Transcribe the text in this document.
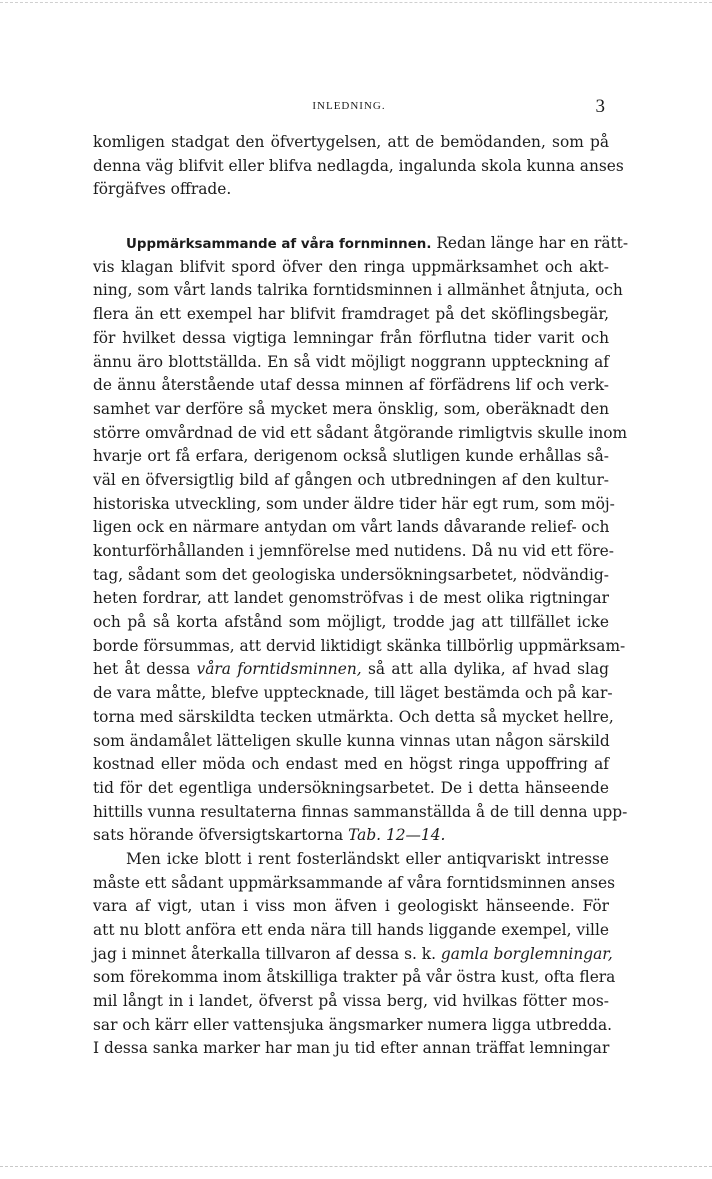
INLEDNING.	3
komligen stadgat den öfvertygelsen, att de bemödanden, som på
denna väg blifvit eller blifva nedlagda, ingalunda skola kunna anses
förgäfves offrade.
Uppmärksammande af våra fornminnen. Redan länge har en rätt-
vis klagan blifvit spord öfver den ringa uppmärksamhet och akt-
ning, som vårt lands talrika forntidsminnen i allmänhet åtnjuta, och
flera än ett exempel har blifvit framdraget på det sköflingsbegär,
för hvilket dessa vigtiga lemningar från förflutna tider varit och
ännu äro blottställda. En så vidt möjligt noggrann uppteckning af
de ännu återstående utaf dessa minnen af förfädrens lif och verk-
samhet var derföre så mycket mera önsklig, som, oberäknadt den
större omvårdnad de vid ett sådant åtgörande rimligtvis skulle inom
hvarje ort få erfara, derigenom också slutligen kunde erhållas så-
väl en öfversigtlig bild af gången och utbredningen af den kultur-
historiska utveckling, som under äldre tider här egt rum, som möj-
ligen ock en närmare antydan om vårt lands dåvarande relief- och
konturförhållanden i jemnförelse med nutidens. Då nu vid ett före-
tag, sådant som det geologiska undersökningsarbetet, nödvändig-
heten fordrar, att landet genomströfvas i de mest olika rigtningar
och på så korta afstånd som möjligt, trodde jag att tillfället icke
borde försummas, att dervid liktidigt skänka tillbörlig uppmärksam-
het åt dessa våra forntidsminnen, så att alla dylika, af hvad slag
de vara måtte, blefve upptecknade, till läget bestämda och på kar-
torna med särskildta tecken utmärkta. Och detta så mycket hellre,
som ändamålet lätteligen skulle kunna vinnas utan någon särskild
kostnad eller möda och endast med en högst ringa uppoffring af
tid för det egentliga undersökningsarbetet. De i detta hänseende
hittills vunna resultaterna finnas sammanställda å de till denna upp-
sats hörande öfversigtskartorna Tab. 12—14.
Men icke blott i rent fosterländskt eller antiqvariskt intresse
måste ett sådant uppmärksammande af våra forntidsminnen anses
vara af vigt, utan i viss mon äfven i geologiskt hänseende. För
att nu blott anföra ett enda nära till hands liggande exempel, ville
jag i minnet återkalla tillvaron af dessa s. k. gamla borglemningar,
som förekomma inom åtskilliga trakter på vår östra kust, ofta flera
mil långt in i landet, öfverst på vissa berg, vid hvilkas fötter mos-
sar och kärr eller vattensjuka ängsmarker numera ligga utbredda.
I dessa sanka marker har man ju tid efter annan träffat lemningar
